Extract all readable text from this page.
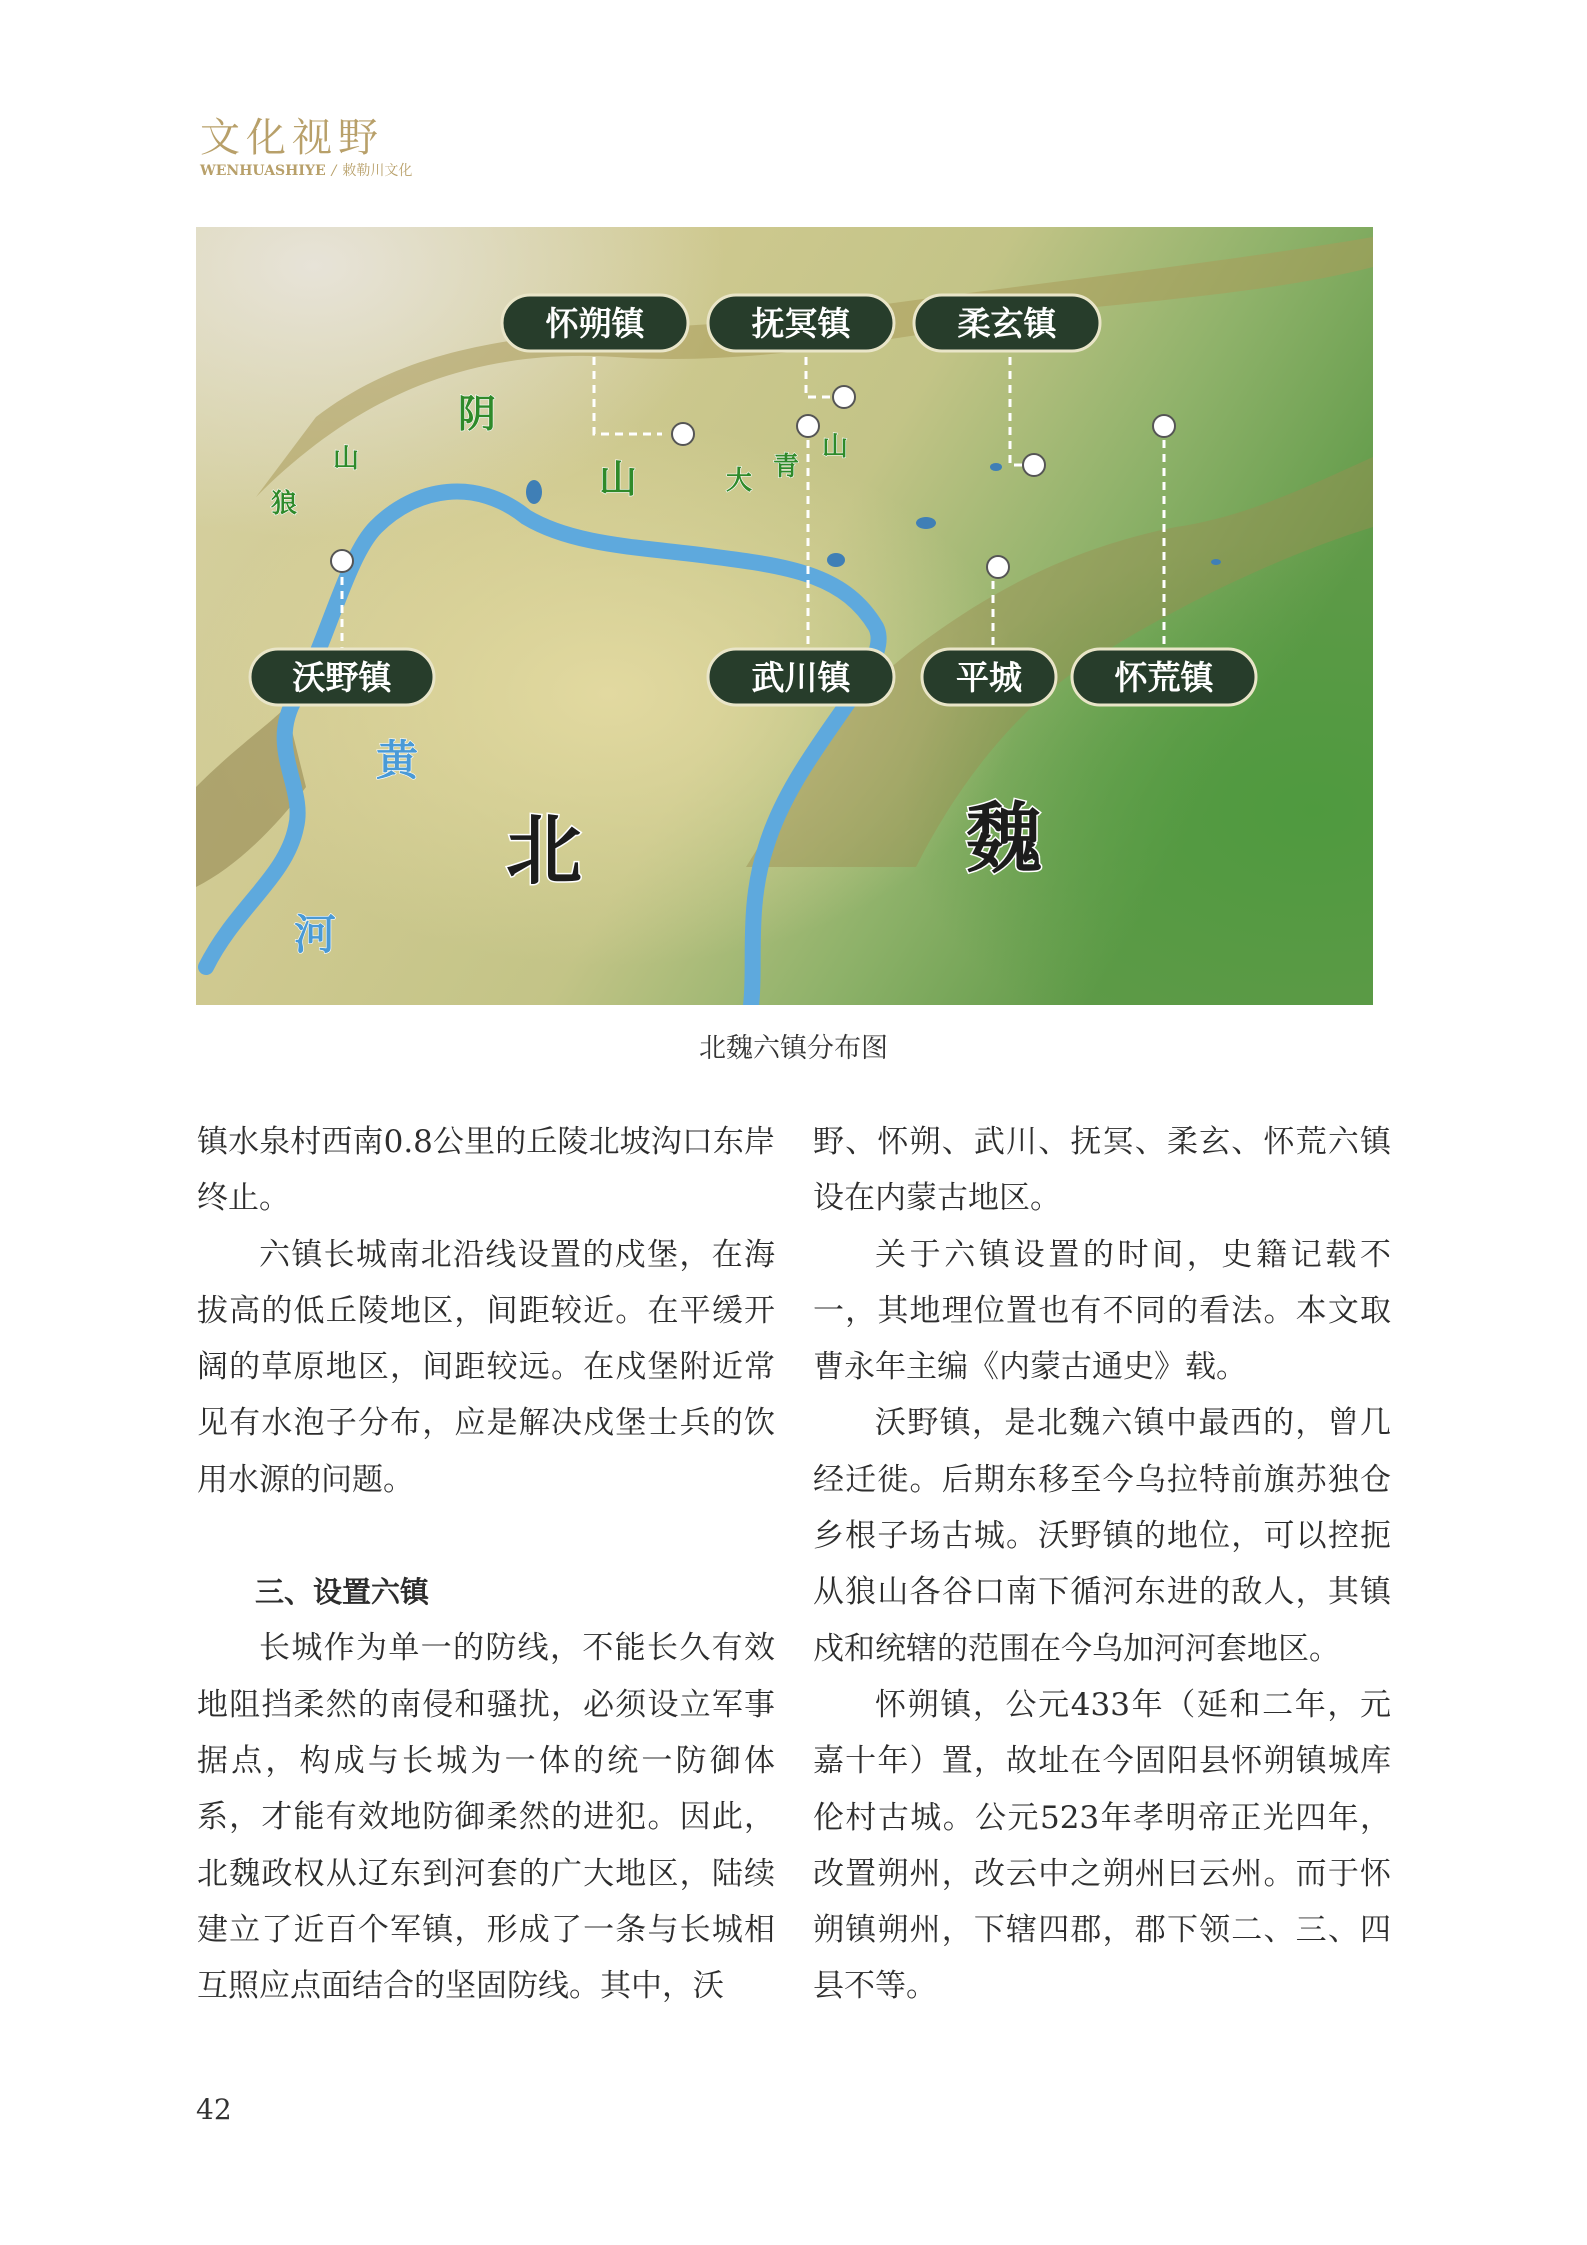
文化视野
WENHUASHIYE / 敕勒川文化
阴
山
狼
山	大 青
山
黄
河
北	魏
怀朔镇	抚冥镇	柔玄镇
沃野镇	武川镇	平城	怀荒镇
北魏六镇分布图

镇水泉村西南0.8公里的丘陵北坡沟口东岸终止。

六镇长城南北沿线设置的戍堡，在海拔高的低丘陵地区，间距较近。在平缓开阔的草原地区，间距较远。在戍堡附近常见有水泡子分布，应是解决戍堡士兵的饮用水源的问题。

三、设置六镇

长城作为单一的防线，不能长久有效地阻挡柔然的南侵和骚扰，必须设立军事据点，构成与长城为一体的统一防御体系，才能有效地防御柔然的进犯。因此，北魏政权从辽东到河套的广大地区，陆续建立了近百个军镇，形成了一条与长城相互照应点面结合的坚固防线。其中，沃

野、怀朔、武川、抚冥、柔玄、怀荒六镇设在内蒙古地区。

关于六镇设置的时间，史籍记载不一，其地理位置也有不同的看法。本文取曹永年主编《内蒙古通史》载。

沃野镇，是北魏六镇中最西的，曾几经迁徙。后期东移至今乌拉特前旗苏独仓乡根子场古城。沃野镇的地位，可以控扼从狼山各谷口南下循河东进的敌人，其镇戍和统辖的范围在今乌加河河套地区。

怀朔镇，公元433年（延和二年，元嘉十年）置，故址在今固阳县怀朔镇城库伦村古城。公元523年孝明帝正光四年，改置朔州，改云中之朔州曰云州。而于怀朔镇朔州，下辖四郡，郡下领二、三、四县不等。

42
